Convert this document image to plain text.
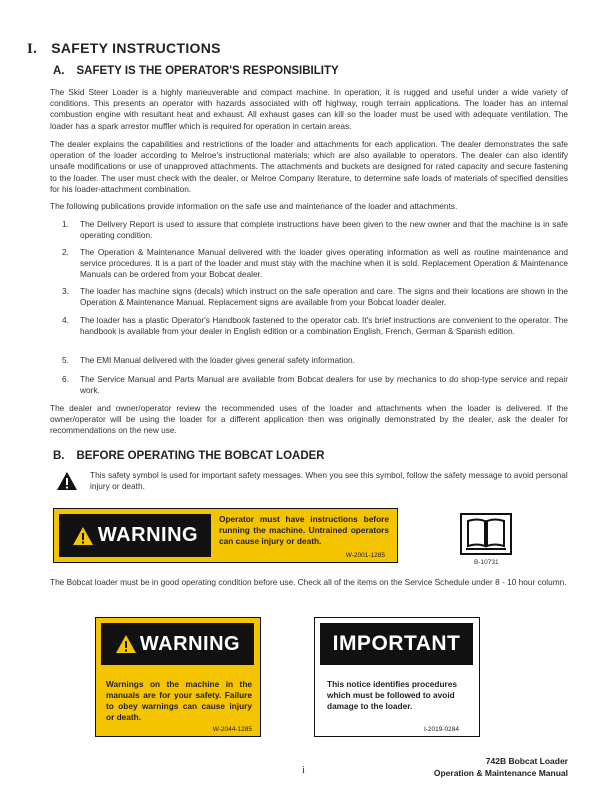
I. SAFETY INSTRUCTIONS
A. SAFETY IS THE OPERATOR'S RESPONSIBILITY
The Skid Steer Loader is a highly maneuverable and compact machine. In operation, it is rugged and useful under a wide variety of conditions. This presents an operator with hazards associated with off highway, rough terrain applications. The loader has an internal combustion engine with resultant heat and exhaust. All exhaust gases can kill so the loader must be used with adequate ventilation. The loader has a spark arrestor muffler which is required for operation in certain areas.
The dealer explains the capabilities and restrictions of the loader and attachments for each application. The dealer demonstrates the safe operation of the loader according to Melroe's instructional materials; which are also available to operators. The dealer can also identify unsafe modifications or use of unapproved attachments. The attachments and buckets are designed for rated capacity and secure fastening to the loader. The user must check with the dealer, or Melroe Company literature, to determine safe loads of materials of specified densities for his loader-attachment combination.
The following publications provide information on the safe use and maintenance of the loader and attachments.
1. The Delivery Report is used to assure that complete instructions have been given to the new owner and that the machine is in safe operating condition.
2. The Operation & Maintenance Manual delivered with the loader gives operating information as well as routine maintenance and service procedures. It is a part of the loader and must stay with the machine when it is sold. Replacement Operation & Maintenance Manuals can be ordered from your Bobcat dealer.
3. The loader has machine signs (decals) which instruct on the safe operation and care. The signs and their locations are shown in the Operation & Maintenance Manual. Replacement signs are available from your Bobcat loader dealer.
4. The loader has a plastic Operator's Handbook fastened to the operator cab. It's brief instructions are convenient to the operator. The handbook is available from your dealer in English edition or a combination English, French, German & Spanish edition.
5. The EMI Manual delivered with the loader gives general safety information.
6. The Service Manual and Parts Manual are available from Bobcat dealers for use by mechanics to do shop-type service and repair work.
The dealer and owner/operator review the recommended uses of the loader and attachments when the loader is delivered. If the owner/operator will be using the loader for a different application then was originally demonstrated by the dealer, ask the dealer for recommendations on the new use.
B. BEFORE OPERATING THE BOBCAT LOADER
This safety symbol is used for important safety messages. When you see this symbol, follow the safety message to avoid personal injury or death.
WARNING
Operator must have instructions before running the machine. Untrained operators can cause injury or death.
W-2001-1285
B-10731
The Bobcat loader must be in good operating condition before use. Check all of the items on the Service Schedule under 8 - 10 hour column.
WARNING
Warnings on the machine in the manuals are for your safety. Failure to obey warnings can cause injury or death.
W-2044-1285
IMPORTANT
This notice identifies procedures which must be followed to avoid damage to the loader.
I-2019-0284
i
742B Bobcat Loader
Operation & Maintenance Manual
